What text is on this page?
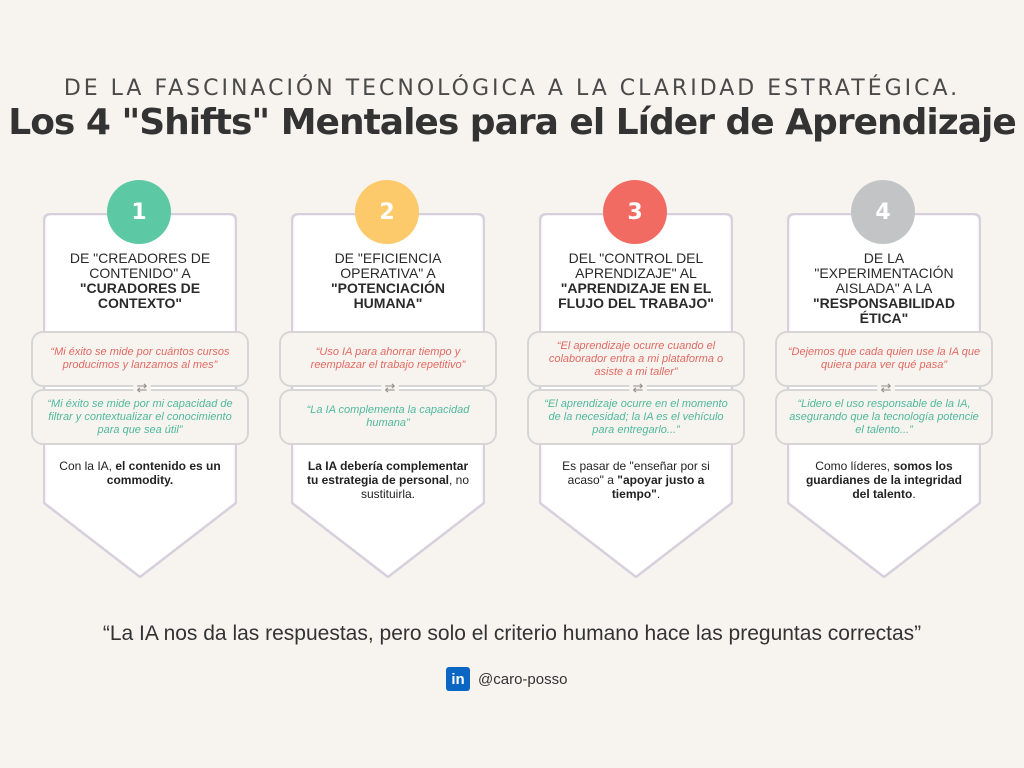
DE LA FASCINACIÓN TECNOLÓGICA A LA CLARIDAD ESTRATÉGICA.
Los 4 "Shifts" Mentales para el Líder de Aprendizaje
1
DE "CREADORES DE CONTENIDO" A
"CURADORES DE CONTEXTO"
“Mi éxito se mide por cuántos cursos producimos y lanzamos al mes”
⇄
“Mi éxito se mide por mi capacidad de filtrar y contextualizar el conocimiento para que sea útil”
Con la IA, el contenido es un commodity.
2
DE "EFICIENCIA OPERATIVA" A
"POTENCIACIÓN HUMANA"
“Uso IA para ahorrar tiempo y reemplazar el trabajo repetitivo”
⇄
“La IA complementa la capacidad humana”
La IA debería complementar tu estrategia de personal, no sustituirla.
3
DEL "CONTROL DEL APRENDIZAJE" AL
"APRENDIZAJE EN EL FLUJO DEL TRABAJO"
“El aprendizaje ocurre cuando el colaborador entra a mi plataforma o asiste a mi taller”
⇄
“El aprendizaje ocurre en el momento de la necesidad; la IA es el vehículo para entregarlo...”
Es pasar de "enseñar por si acaso" a "apoyar justo a tiempo".
4
DE LA "EXPERIMENTACIÓN AISLADA" A LA
"RESPONSABILIDAD ÉTICA"
“Dejemos que cada quien use la IA que quiera para ver qué pasa”
⇄
“Lidero el uso responsable de la IA, asegurando que la tecnología potencie el talento...”
Como líderes, somos los guardianes de la integridad del talento.
“La IA nos da las respuestas, pero solo el criterio humano hace las preguntas correctas”
in @caro-posso
